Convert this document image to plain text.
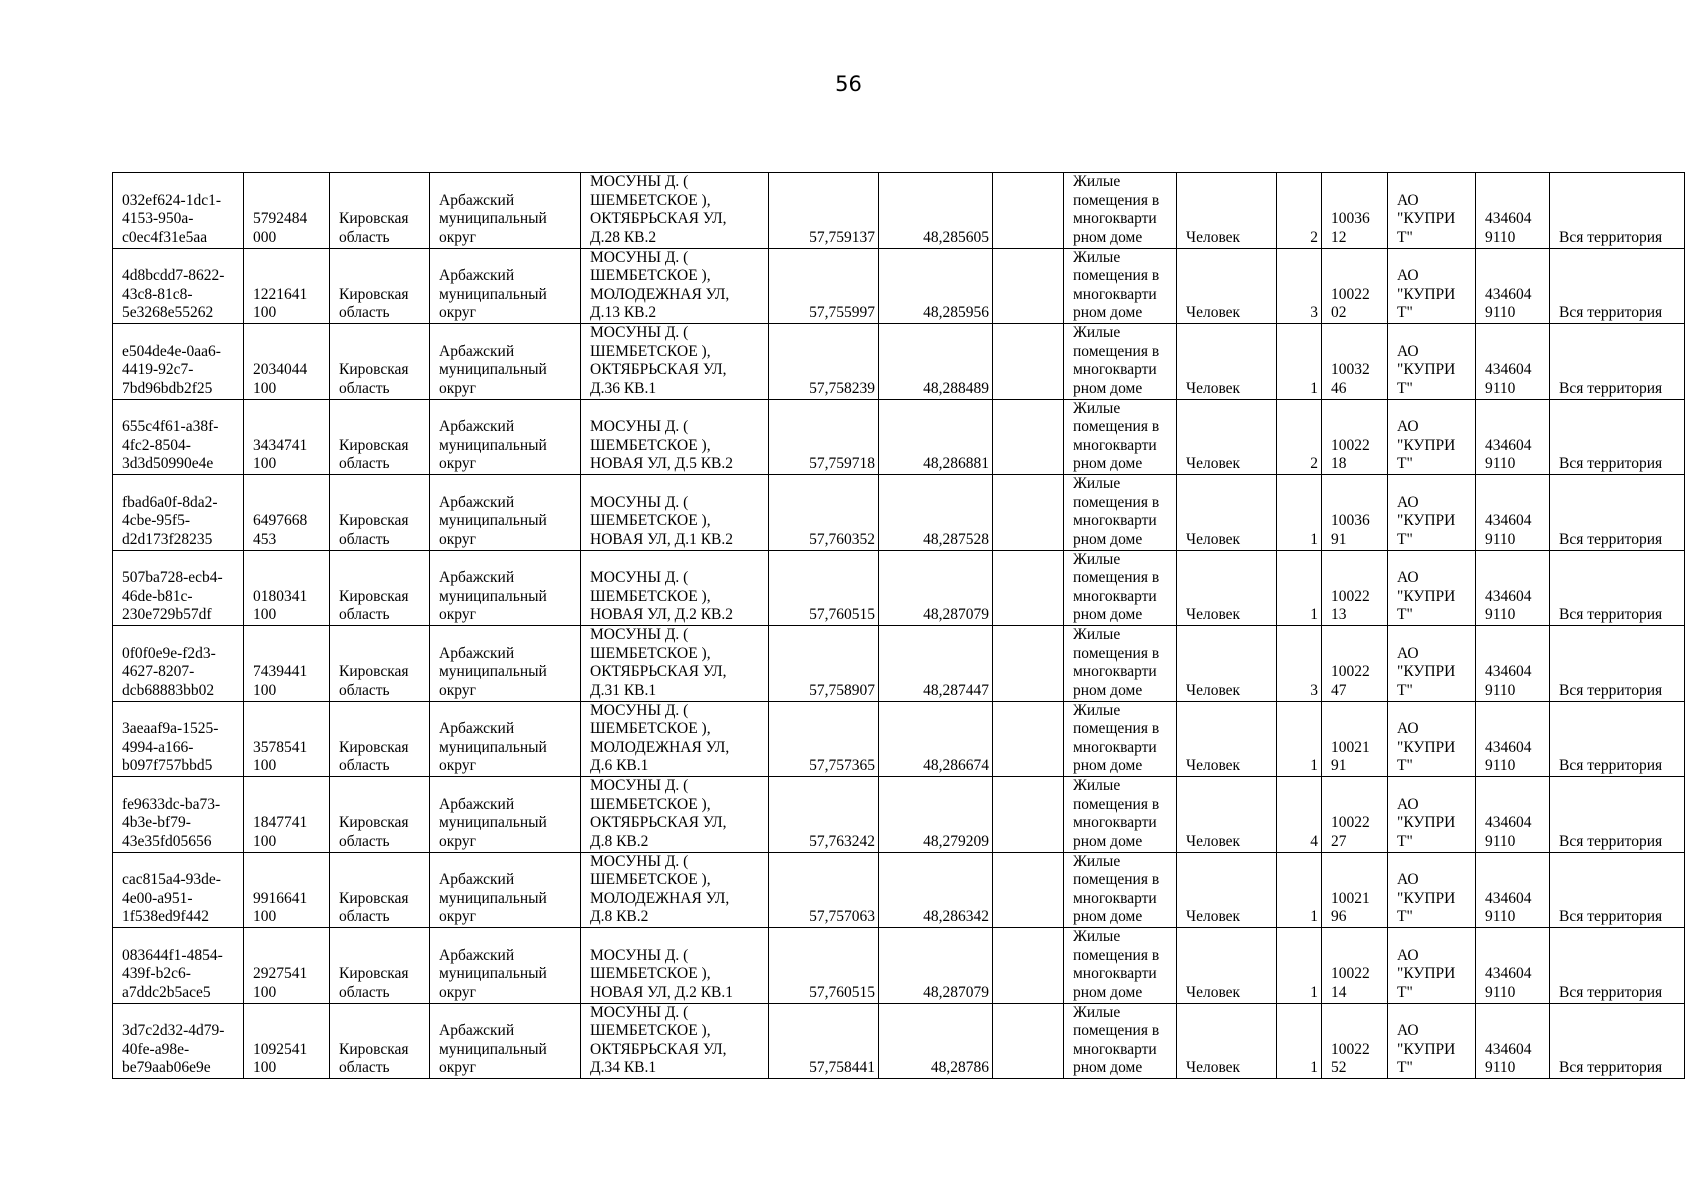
56
032ef624-1dc1-
4153-950a-
c0ec4f31e5aa	5792484
000	Кировская
область	Арбажский
муниципальный
округ	МОСУНЫ Д. (
ШЕМБЕТСКОЕ ),
ОКТЯБРЬСКАЯ УЛ,
Д.28 КВ.2	57,759137	48,285605		Жилые
помещения в
многокварти
рном доме	Человек	2	10036
12	АО
"КУПРИ
Т"	434604
9110	Вся территория

4d8bcdd7-8622-
43c8-81c8-
5e3268e55262	1221641
100	Кировская
область	Арбажский
муниципальный
округ	МОСУНЫ Д. (
ШЕМБЕТСКОЕ ),
МОЛОДЕЖНАЯ УЛ,
Д.13 КВ.2	57,755997	48,285956		Жилые
помещения в
многокварти
рном доме	Человек	3	10022
02	АО
"КУПРИ
Т"	434604
9110	Вся территория

e504de4e-0aa6-
4419-92c7-
7bd96bdb2f25	2034044
100	Кировская
область	Арбажский
муниципальный
округ	МОСУНЫ Д. (
ШЕМБЕТСКОЕ ),
ОКТЯБРЬСКАЯ УЛ,
Д.36 КВ.1	57,758239	48,288489		Жилые
помещения в
многокварти
рном доме	Человек	1	10032
46	АО
"КУПРИ
Т"	434604
9110	Вся территория

655c4f61-a38f-
4fc2-8504-
3d3d50990e4e	3434741
100	Кировская
область	Арбажский
муниципальный
округ	МОСУНЫ Д. (
ШЕМБЕТСКОЕ ),
НОВАЯ УЛ, Д.5 КВ.2	57,759718	48,286881		Жилые
помещения в
многокварти
рном доме	Человек	2	10022
18	АО
"КУПРИ
Т"	434604
9110	Вся территория

fbad6a0f-8da2-
4cbe-95f5-
d2d173f28235	6497668
453	Кировская
область	Арбажский
муниципальный
округ	МОСУНЫ Д. (
ШЕМБЕТСКОЕ ),
НОВАЯ УЛ, Д.1 КВ.2	57,760352	48,287528		Жилые
помещения в
многокварти
рном доме	Человек	1	10036
91	АО
"КУПРИ
Т"	434604
9110	Вся территория

507ba728-ecb4-
46de-b81c-
230e729b57df	0180341
100	Кировская
область	Арбажский
муниципальный
округ	МОСУНЫ Д. (
ШЕМБЕТСКОЕ ),
НОВАЯ УЛ, Д.2 КВ.2	57,760515	48,287079		Жилые
помещения в
многокварти
рном доме	Человек	1	10022
13	АО
"КУПРИ
Т"	434604
9110	Вся территория

0f0f0e9e-f2d3-
4627-8207-
dcb68883bb02	7439441
100	Кировская
область	Арбажский
муниципальный
округ	МОСУНЫ Д. (
ШЕМБЕТСКОЕ ),
ОКТЯБРЬСКАЯ УЛ,
Д.31 КВ.1	57,758907	48,287447		Жилые
помещения в
многокварти
рном доме	Человек	3	10022
47	АО
"КУПРИ
Т"	434604
9110	Вся территория

3aeaaf9a-1525-
4994-a166-
b097f757bbd5	3578541
100	Кировская
область	Арбажский
муниципальный
округ	МОСУНЫ Д. (
ШЕМБЕТСКОЕ ),
МОЛОДЕЖНАЯ УЛ,
Д.6 КВ.1	57,757365	48,286674		Жилые
помещения в
многокварти
рном доме	Человек	1	10021
91	АО
"КУПРИ
Т"	434604
9110	Вся территория

fe9633dc-ba73-
4b3e-bf79-
43e35fd05656	1847741
100	Кировская
область	Арбажский
муниципальный
округ	МОСУНЫ Д. (
ШЕМБЕТСКОЕ ),
ОКТЯБРЬСКАЯ УЛ,
Д.8 КВ.2	57,763242	48,279209		Жилые
помещения в
многокварти
рном доме	Человек	4	10022
27	АО
"КУПРИ
Т"	434604
9110	Вся территория

cac815a4-93de-
4e00-a951-
1f538ed9f442	9916641
100	Кировская
область	Арбажский
муниципальный
округ	МОСУНЫ Д. (
ШЕМБЕТСКОЕ ),
МОЛОДЕЖНАЯ УЛ,
Д.8 КВ.2	57,757063	48,286342		Жилые
помещения в
многокварти
рном доме	Человек	1	10021
96	АО
"КУПРИ
Т"	434604
9110	Вся территория

083644f1-4854-
439f-b2c6-
a7ddc2b5ace5	2927541
100	Кировская
область	Арбажский
муниципальный
округ	МОСУНЫ Д. (
ШЕМБЕТСКОЕ ),
НОВАЯ УЛ, Д.2 КВ.1	57,760515	48,287079		Жилые
помещения в
многокварти
рном доме	Человек	1	10022
14	АО
"КУПРИ
Т"	434604
9110	Вся территория

3d7c2d32-4d79-
40fe-a98e-
be79aab06e9e	1092541
100	Кировская
область	Арбажский
муниципальный
округ	МОСУНЫ Д. (
ШЕМБЕТСКОЕ ),
ОКТЯБРЬСКАЯ УЛ,
Д.34 КВ.1	57,758441	48,28786		Жилые
помещения в
многокварти
рном доме	Человек	1	10022
52	АО
"КУПРИ
Т"	434604
9110	Вся территория
